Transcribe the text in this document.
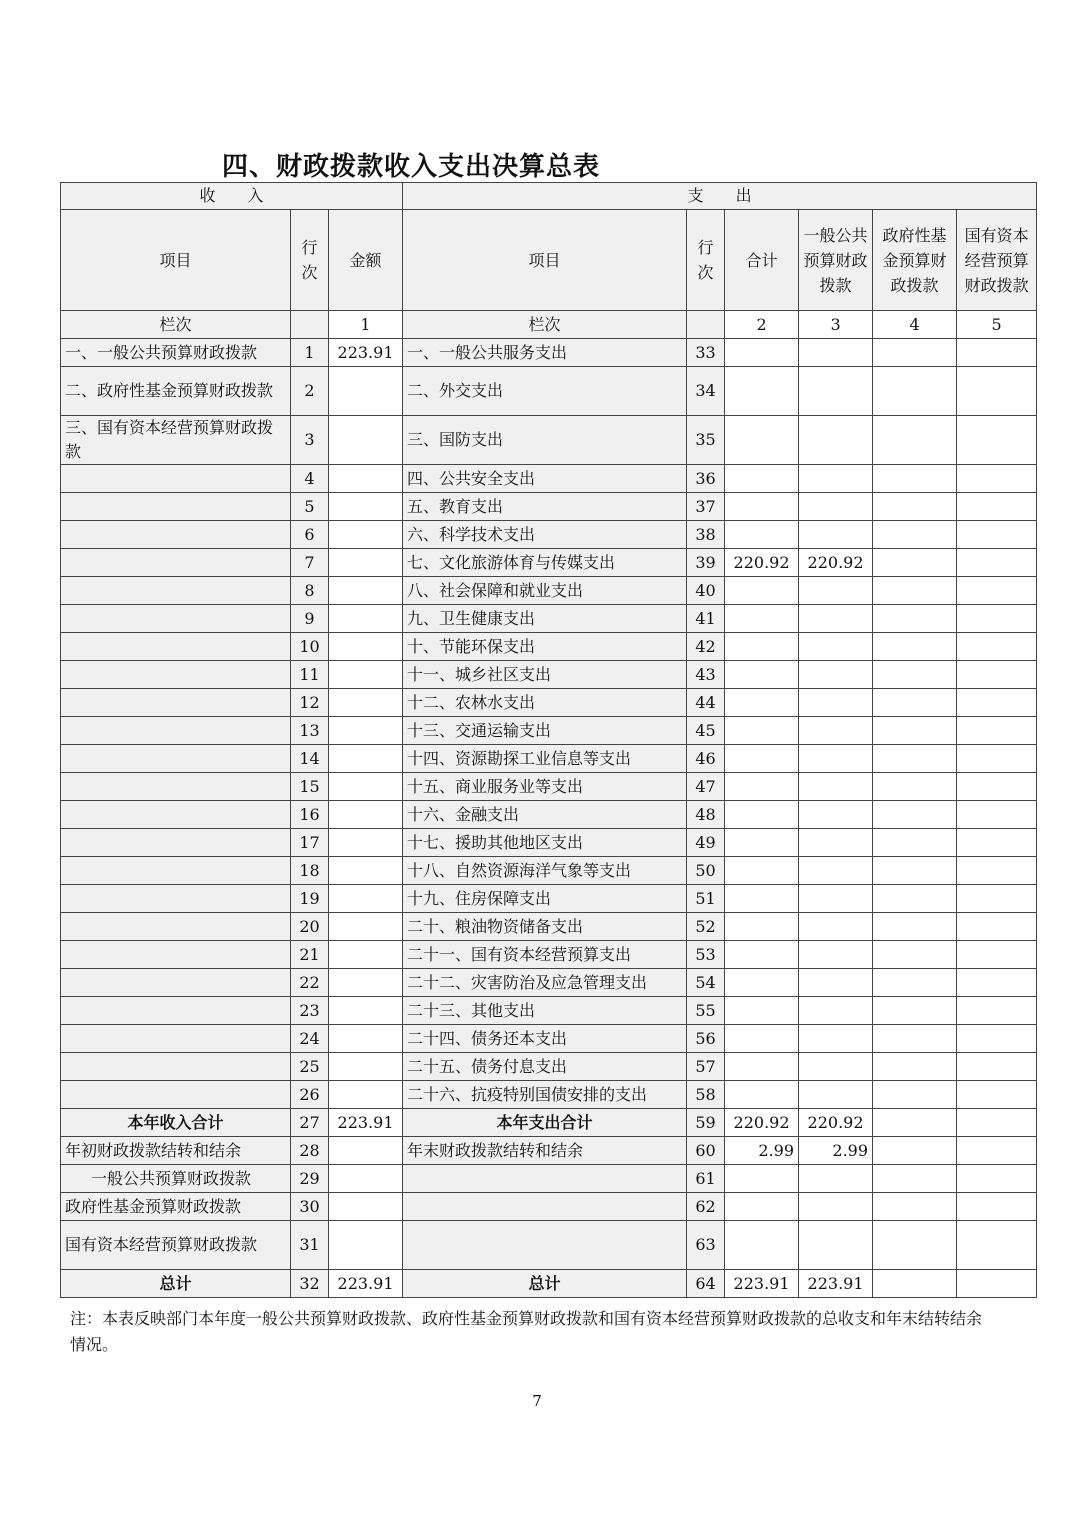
四、财政拨款收入支出决算总表
收　　入			支　　出					
项目	行次	金额	项目	行次	合计	一般公共预算财政拨款	政府性基金预算财政拨款	国有资本经营预算财政拨款
栏次		1	栏次		2	3	4	5
一、一般公共预算财政拨款	1	223.91	一、一般公共服务支出	33				
二、政府性基金预算财政拨款	2		二、外交支出	34				
三、国有资本经营预算财政拨款	3		三、国防支出	35				
	4		四、公共安全支出	36				
	5		五、教育支出	37				
	6		六、科学技术支出	38				
	7		七、文化旅游体育与传媒支出	39	220.92	220.92		
	8		八、社会保障和就业支出	40				
	9		九、卫生健康支出	41				
	10		十、节能环保支出	42				
	11		十一、城乡社区支出	43				
	12		十二、农林水支出	44				
	13		十三、交通运输支出	45				
	14		十四、资源勘探工业信息等支出	46				
	15		十五、商业服务业等支出	47				
	16		十六、金融支出	48				
	17		十七、援助其他地区支出	49				
	18		十八、自然资源海洋气象等支出	50				
	19		十九、住房保障支出	51				
	20		二十、粮油物资储备支出	52				
	21		二十一、国有资本经营预算支出	53				
	22		二十二、灾害防治及应急管理支出	54				
	23		二十三、其他支出	55				
	24		二十四、债务还本支出	56				
	25		二十五、债务付息支出	57				
	26		二十六、抗疫特别国债安排的支出	58				
本年收入合计	27	223.91	本年支出合计	59	220.92	220.92		
年初财政拨款结转和结余	28		年末财政拨款结转和结余	60	2.99	2.99		
一般公共预算财政拨款	29			61				
政府性基金预算财政拨款	30			62				
国有资本经营预算财政拨款	31			63				
总计	32	223.91	总计	64	223.91	223.91		
注：本表反映部门本年度一般公共预算财政拨款、政府性基金预算财政拨款和国有资本经营预算财政拨款的总收支和年末结转结余情况。
7
